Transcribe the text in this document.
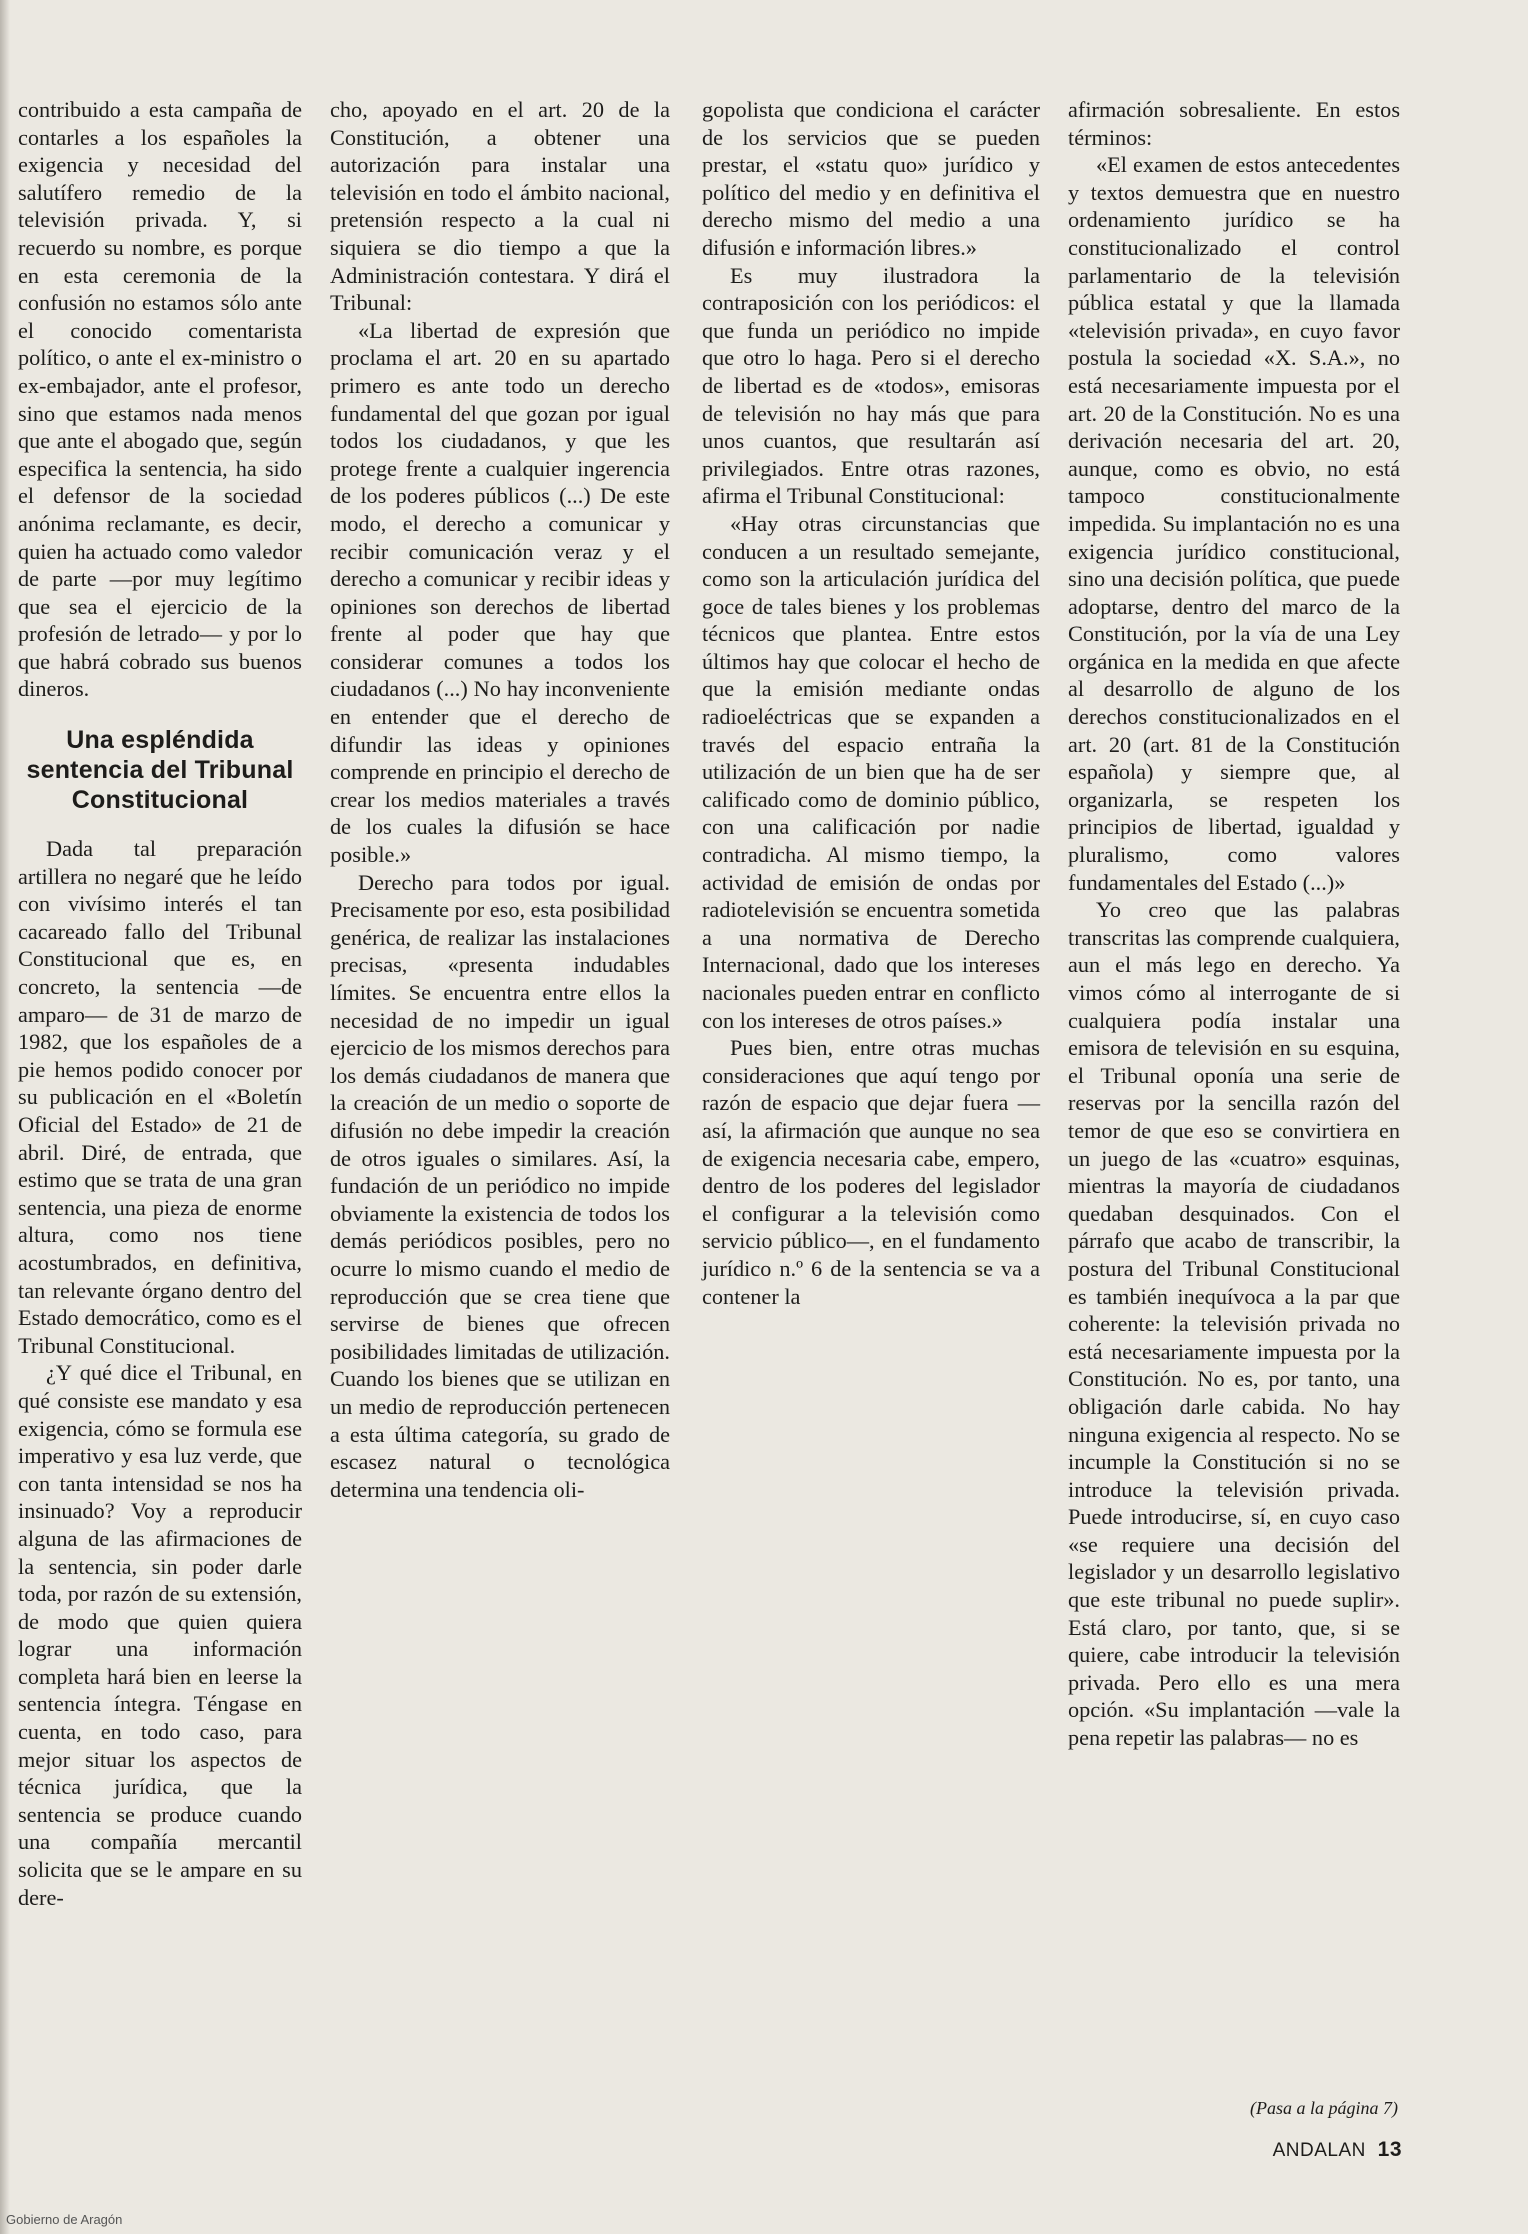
contribuido a esta campaña de contarles a los españoles la exigencia y necesidad del salutífero remedio de la televisión privada. Y, si recuerdo su nombre, es porque en esta ceremonia de la confusión no estamos sólo ante el conocido comentarista político, o ante el ex-ministro o ex-embajador, ante el profesor, sino que estamos nada menos que ante el abogado que, según especifica la sentencia, ha sido el defensor de la sociedad anónima reclamante, es decir, quien ha actuado como valedor de parte —por muy legítimo que sea el ejercicio de la profesión de letrado— y por lo que habrá cobrado sus buenos dineros.

Una espléndida sentencia del Tribunal Constitucional

Dada tal preparación artillera no negaré que he leído con vivísimo interés el tan cacareado fallo del Tribunal Constitucional que es, en concreto, la sentencia —de amparo— de 31 de marzo de 1982, que los españoles de a pie hemos podido conocer por su publicación en el «Boletín Oficial del Estado» de 21 de abril. Diré, de entrada, que estimo que se trata de una gran sentencia, una pieza de enorme altura, como nos tiene acostumbrados, en definitiva, tan relevante órgano dentro del Estado democrático, como es el Tribunal Constitucional.

¿Y qué dice el Tribunal, en qué consiste ese mandato y esa exigencia, cómo se formula ese imperativo y esa luz verde, que con tanta intensidad se nos ha insinuado? Voy a reproducir alguna de las afirmaciones de la sentencia, sin poder darle toda, por razón de su extensión, de modo que quien quiera lograr una información completa hará bien en leerse la sentencia íntegra. Téngase en cuenta, en todo caso, para mejor situar los aspectos de técnica jurídica, que la sentencia se produce cuando una compañía mercantil solicita que se le ampare en su dere-

cho, apoyado en el art. 20 de la Constitución, a obtener una autorización para instalar una televisión en todo el ámbito nacional, pretensión respecto a la cual ni siquiera se dio tiempo a que la Administración contestara. Y dirá el Tribunal:

«La libertad de expresión que proclama el art. 20 en su apartado primero es ante todo un derecho fundamental del que gozan por igual todos los ciudadanos, y que les protege frente a cualquier ingerencia de los poderes públicos (...) De este modo, el derecho a comunicar y recibir comunicación veraz y el derecho a comunicar y recibir ideas y opiniones son derechos de libertad frente al poder que hay que considerar comunes a todos los ciudadanos (...) No hay inconveniente en entender que el derecho de difundir las ideas y opiniones comprende en principio el derecho de crear los medios materiales a través de los cuales la difusión se hace posible.»

Derecho para todos por igual. Precisamente por eso, esta posibilidad genérica, de realizar las instalaciones precisas, «presenta indudables límites. Se encuentra entre ellos la necesidad de no impedir un igual ejercicio de los mismos derechos para los demás ciudadanos de manera que la creación de un medio o soporte de difusión no debe impedir la creación de otros iguales o similares. Así, la fundación de un periódico no impide obviamente la existencia de todos los demás periódicos posibles, pero no ocurre lo mismo cuando el medio de reproducción que se crea tiene que servirse de bienes que ofrecen posibilidades limitadas de utilización. Cuando los bienes que se utilizan en un medio de reproducción pertenecen a esta última categoría, su grado de escasez natural o tecnológica determina una tendencia oli-

gopolista que condiciona el carácter de los servicios que se pueden prestar, el «statu quo» jurídico y político del medio y en definitiva el derecho mismo del medio a una difusión e información libres.»

Es muy ilustradora la contraposición con los periódicos: el que funda un periódico no impide que otro lo haga. Pero si el derecho de libertad es de «todos», emisoras de televisión no hay más que para unos cuantos, que resultarán así privilegiados. Entre otras razones, afirma el Tribunal Constitucional:

«Hay otras circunstancias que conducen a un resultado semejante, como son la articulación jurídica del goce de tales bienes y los problemas técnicos que plantea. Entre estos últimos hay que colocar el hecho de que la emisión mediante ondas radioeléctricas que se expanden a través del espacio entraña la utilización de un bien que ha de ser calificado como de dominio público, con una calificación por nadie contradicha. Al mismo tiempo, la actividad de emisión de ondas por radiotelevisión se encuentra sometida a una normativa de Derecho Internacional, dado que los intereses nacionales pueden entrar en conflicto con los intereses de otros países.»

Pues bien, entre otras muchas consideraciones que aquí tengo por razón de espacio que dejar fuera —así, la afirmación que aunque no sea de exigencia necesaria cabe, empero, dentro de los poderes del legislador el configurar a la televisión como servicio público—, en el fundamento jurídico n.º 6 de la sentencia se va a contener la

afirmación sobresaliente. En estos términos:

«El examen de estos antecedentes y textos demuestra que en nuestro ordenamiento jurídico se ha constitucionalizado el control parlamentario de la televisión pública estatal y que la llamada «televisión privada», en cuyo favor postula la sociedad «X. S.A.», no está necesariamente impuesta por el art. 20 de la Constitución. No es una derivación necesaria del art. 20, aunque, como es obvio, no está tampoco constitucionalmente impedida. Su implantación no es una exigencia jurídico constitucional, sino una decisión política, que puede adoptarse, dentro del marco de la Constitución, por la vía de una Ley orgánica en la medida en que afecte al desarrollo de alguno de los derechos constitucionalizados en el art. 20 (art. 81 de la Constitución española) y siempre que, al organizarla, se respeten los principios de libertad, igualdad y pluralismo, como valores fundamentales del Estado (...)»

Yo creo que las palabras transcritas las comprende cualquiera, aun el más lego en derecho. Ya vimos cómo al interrogante de si cualquiera podía instalar una emisora de televisión en su esquina, el Tribunal oponía una serie de reservas por la sencilla razón del temor de que eso se convirtiera en un juego de las «cuatro» esquinas, mientras la mayoría de ciudadanos quedaban desquinados. Con el párrafo que acabo de transcribir, la postura del Tribunal Constitucional es también inequívoca a la par que coherente: la televisión privada no está necesariamente impuesta por la Constitución. No es, por tanto, una obligación darle cabida. No hay ninguna exigencia al respecto. No se incumple la Constitución si no se introduce la televisión privada. Puede introducirse, sí, en cuyo caso «se requiere una decisión del legislador y un desarrollo legislativo que este tribunal no puede suplir». Está claro, por tanto, que, si se quiere, cabe introducir la televisión privada. Pero ello es una mera opción. «Su implantación —vale la pena repetir las palabras— no es

(Pasa a la página 7)
ANDALAN 13
Gobierno de Aragón
